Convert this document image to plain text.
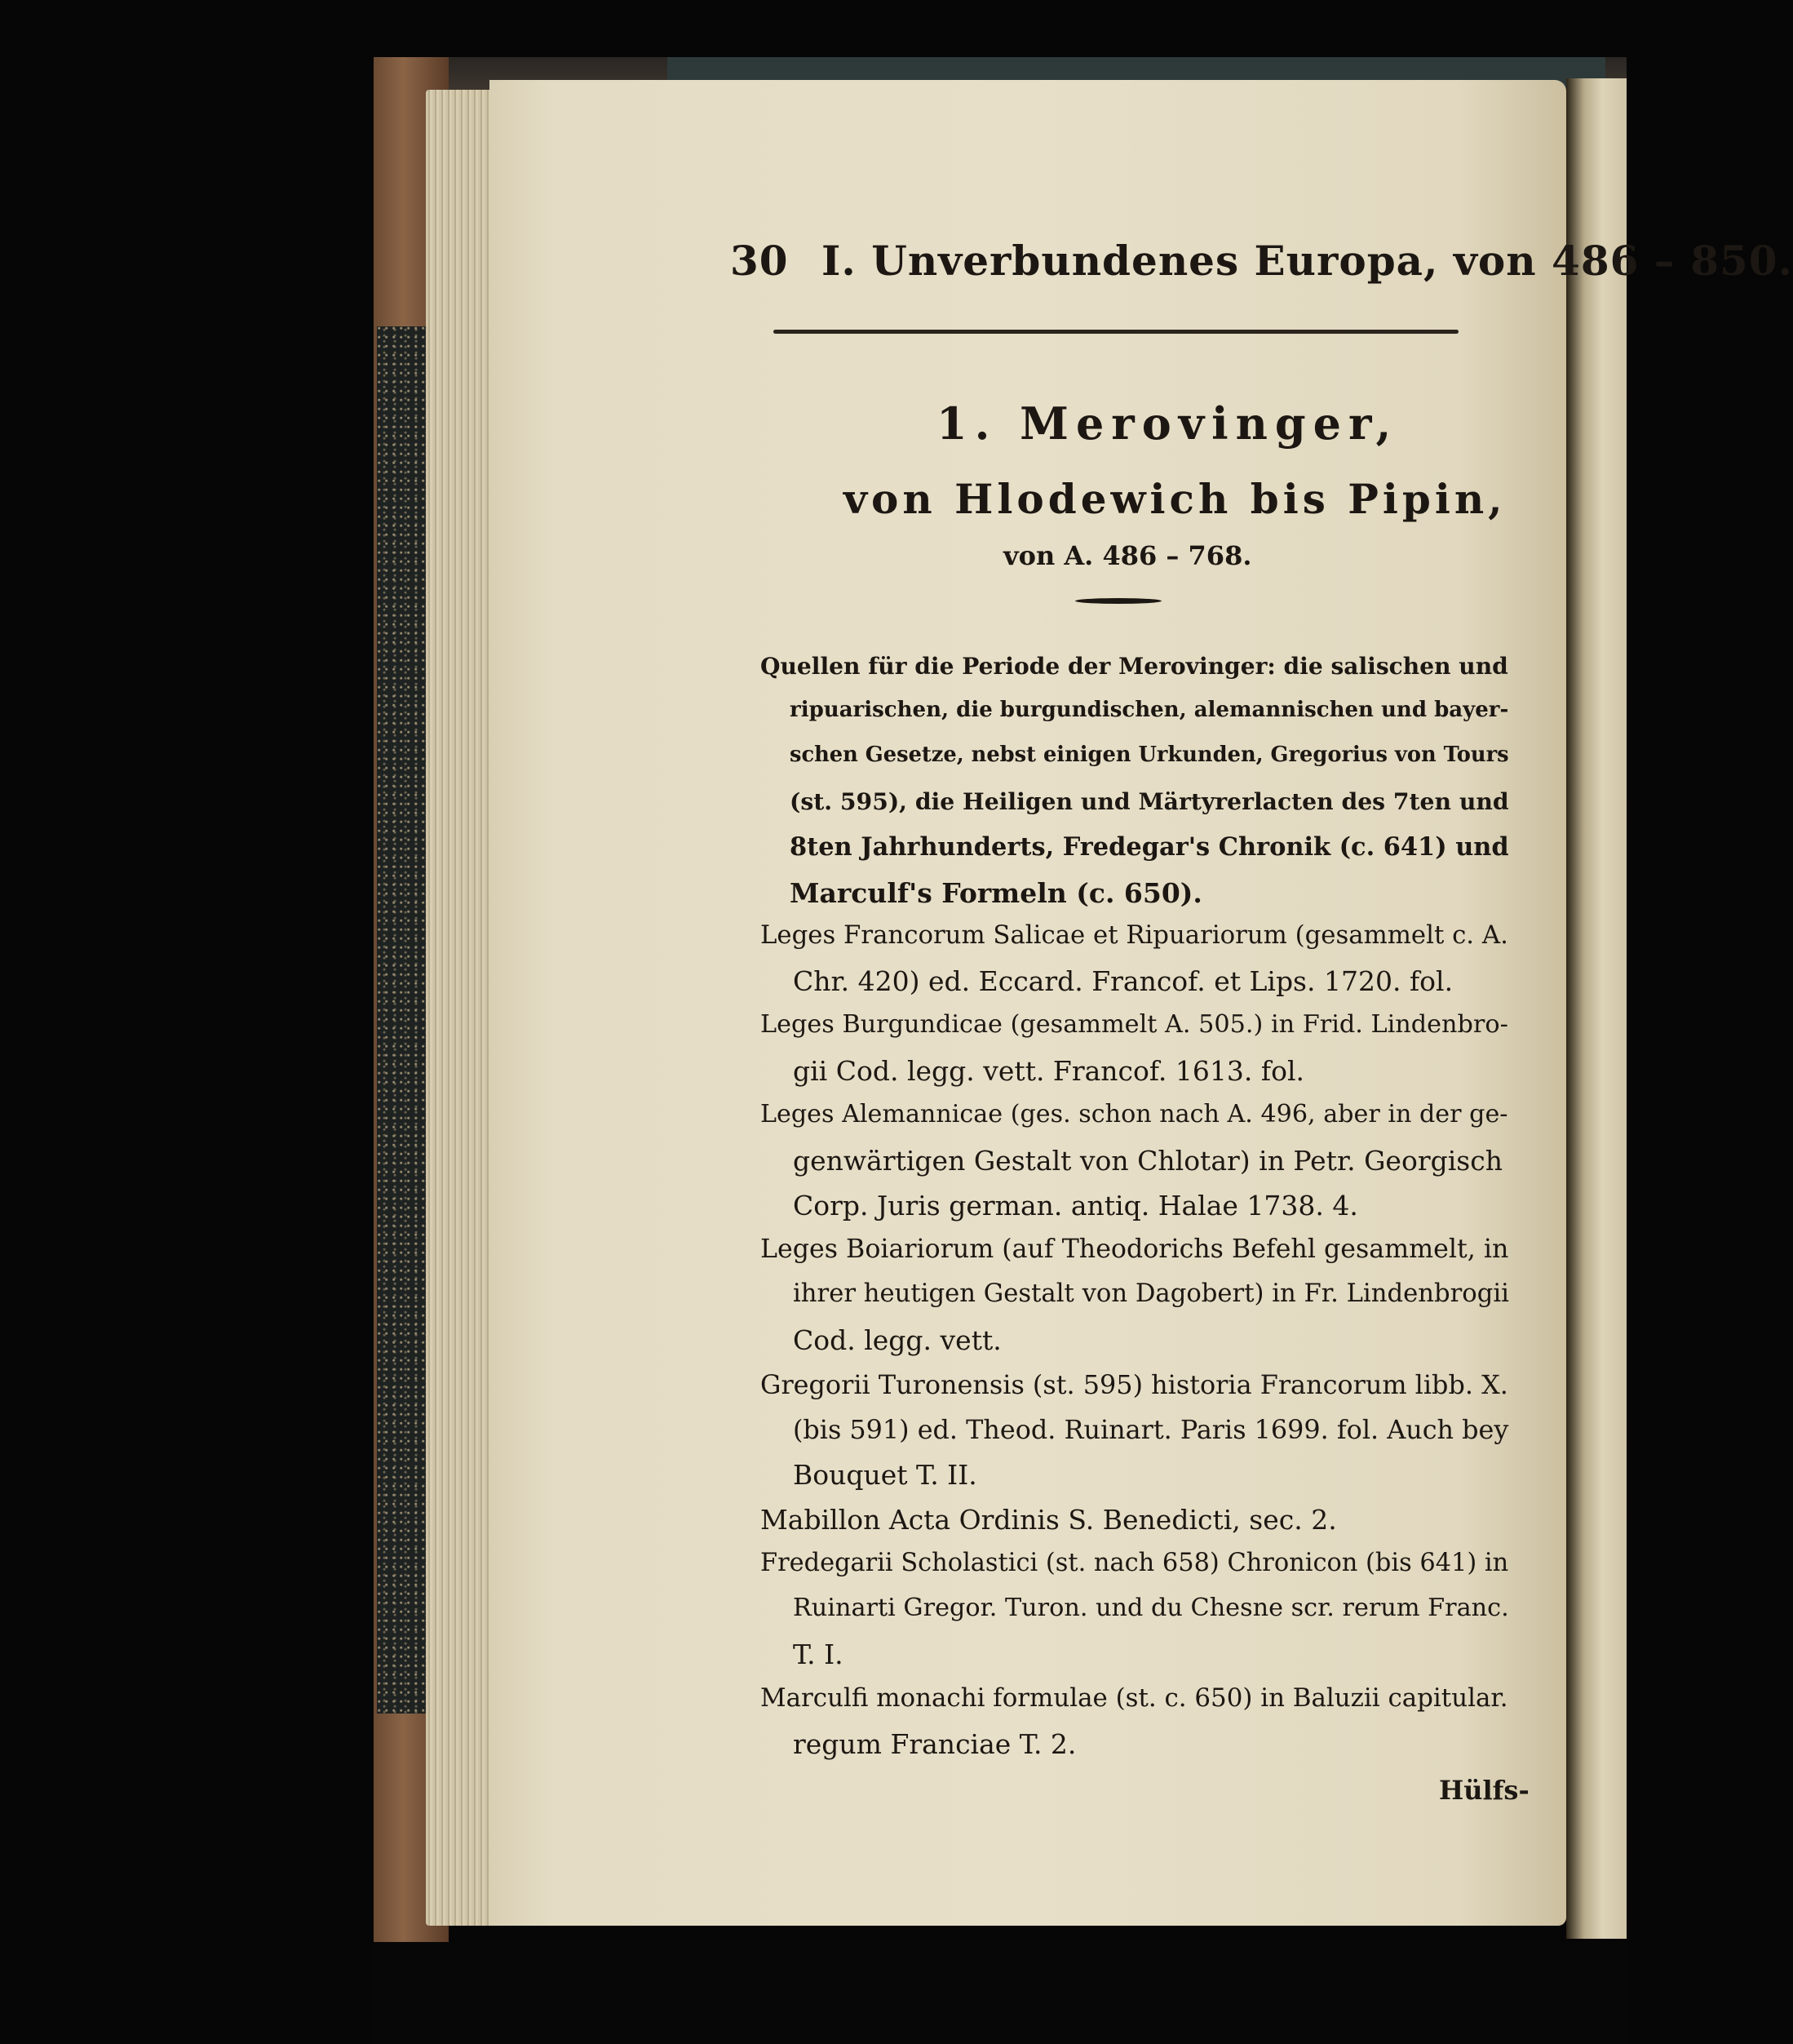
30 I. Unverbundenes Europa, von 486 – 850.
1. Merovinger,
von Hlodewich bis Pipin,
von A. 486 – 768.
Quellen für die Periode der Merovinger: die salischen und
ripuarischen, die burgundischen, alemannischen und bayer-
schen Gesetze, nebst einigen Urkunden, Gregorius von Tours
(st. 595), die Heiligen und Märtyrerlacten des 7ten und
8ten Jahrhunderts, Fredegar's Chronik (c. 641) und
Marculf's Formeln (c. 650).
Leges Francorum Salicae et Ripuariorum (gesammelt c. A.
Chr. 420) ed. Eccard. Francof. et Lips. 1720. fol.
Leges Burgundicae (gesammelt A. 505.) in Frid. Lindenbro-
gii Cod. legg. vett. Francof. 1613. fol.
Leges Alemannicae (ges. schon nach A. 496, aber in der ge-
genwärtigen Gestalt von Chlotar) in Petr. Georgisch
Corp. Juris german. antiq. Halae 1738. 4.
Leges Boiariorum (auf Theodorichs Befehl gesammelt, in
ihrer heutigen Gestalt von Dagobert) in Fr. Lindenbrogii
Cod. legg. vett.
Gregorii Turonensis (st. 595) historia Francorum libb. X.
(bis 591) ed. Theod. Ruinart. Paris 1699. fol. Auch bey
Bouquet T. II.
Mabillon Acta Ordinis S. Benedicti, sec. 2.
Fredegarii Scholastici (st. nach 658) Chronicon (bis 641) in
Ruinarti Gregor. Turon. und du Chesne scr. rerum Franc.
T. I.
Marculfi monachi formulae (st. c. 650) in Baluzii capitular.
regum Franciae T. 2.
Hülfs-
